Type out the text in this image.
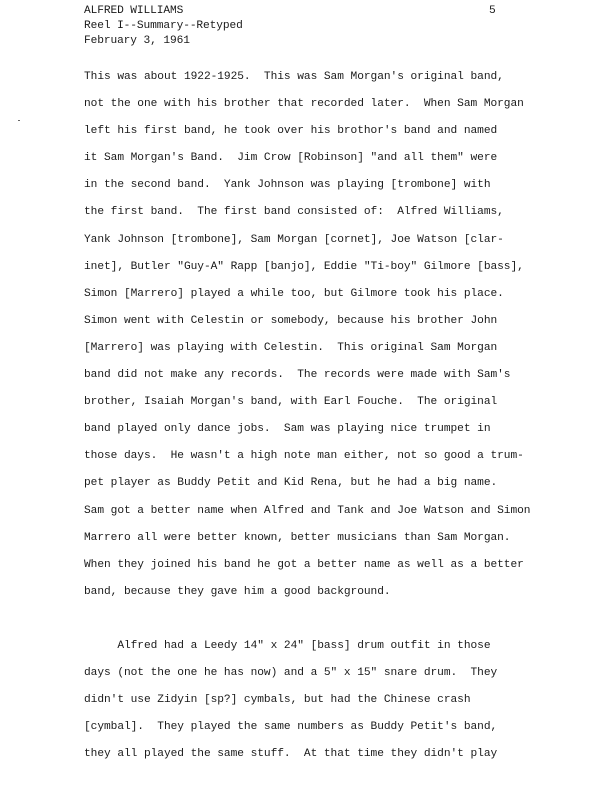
ALFRED WILLIAMS
Reel I--Summary--Retyped
February 3, 1961
5
This was about 1922-1925.  This was Sam Morgan's original band,
not the one with his brother that recorded later.  When Sam Morgan
left his first band, he took over his brothor's band and named
it Sam Morgan's Band.  Jim Crow [Robinson] "and all them" were
in the second band.  Yank Johnson was playing [trombone] with
the first band.  The first band consisted of:  Alfred Williams,
Yank Johnson [trombone], Sam Morgan [cornet], Joe Watson [clar-
inet], Butler "Guy-A" Rapp [banjo], Eddie "Ti-boy" Gilmore [bass],
Simon [Marrero] played a while too, but Gilmore took his place.
Simon went with Celestin or somebody, because his brother John
[Marrero] was playing with Celestin.  This original Sam Morgan
band did not make any records.  The records were made with Sam's
brother, Isaiah Morgan's band, with Earl Fouche.  The original
band played only dance jobs.  Sam was playing nice trumpet in
those days.  He wasn't a high note man either, not so good a trum-
pet player as Buddy Petit and Kid Rena, but he had a big name.
Sam got a better name when Alfred and Tank and Joe Watson and Simon
Marrero all were better known, better musicians than Sam Morgan.
When they joined his band he got a better name as well as a better
band, because they gave him a good background.
Alfred had a Leedy 14" x 24" [bass] drum outfit in those
days (not the one he has now) and a 5" x 15" snare drum.  They
didn't use Zidyin [sp?] cymbals, but had the Chinese crash
[cymbal].  They played the same numbers as Buddy Petit's band,
they all played the same stuff.  At that time they didn't play
